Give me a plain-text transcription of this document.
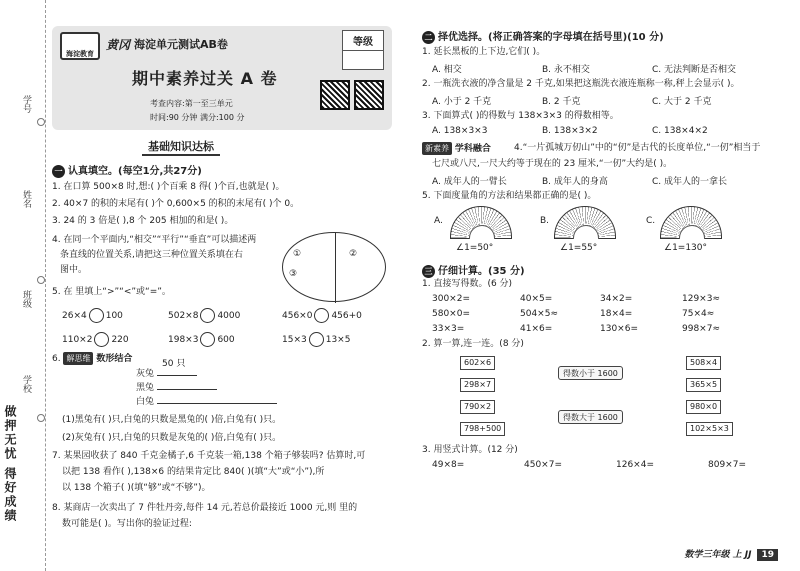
学号
姓名
班级
学校
做押无忧 得好成绩
海淀教育
黄冈 海淀单元测试AB卷	等级
期中素养过关 A 卷
考查内容:第一至三单元
时间:90 分钟 满分:100 分
基础知识达标
一 认真填空。(每空1分,共27分)
1. 在口算 500×8 时,想:( )个百乘 8 得( )个百,也就是( )。
2. 40×7 的积的末尾有( )个 0,600×5 的积的末尾有( )个 0。
3. 24 的 3 倍是( ),8 个 205 相加的和是( )。
4. 在同一个平面内,“相交”“平行”“垂直”可以描述两
条直线的位置关系,请把这三种位置关系填在右
图中。
①	②
③
5. 在 里填上“>”“<”或“=”。
26×4 100	502×8 4000	456×0 456+0
110×2 220	198×3 600	15×3 13×5
6. 解思维 数形结合	50 只
灰兔
黑兔
白兔
(1)黑兔有( )只,白兔的只数是黑兔的( )倍,白兔有( )只。
(2)灰兔有( )只,白兔的只数是灰兔的( )倍,白兔有( )只。
7. 某果园收获了 840 千克金橘子,6 千克装一箱,138 个箱子够装吗? 估算时,可
以把 138 看作( ),138×6 的结果肯定比 840( )(填“大”或“小”),所
以 138 个箱子( )(填“够”或“不够”)。
8. 某商店一次卖出了 7 件牡丹旁,每件 14 元,若总价最接近 1000 元,则 里的
数可能是( )。写出你的验证过程:
二 择优选择。(将正确答案的字母填在括号里)(10 分)
1. 延长黑板的上下边,它们( )。
A. 相交	B. 永不相交	C. 无法判断是否相交
2. 一瓶洗衣液的净含量是 2 千克,如果把这瓶洗衣液连瓶称一称,秤上会显示( )。
A. 小于 2 千克	B. 2 千克	C. 大于 2 千克
3. 下面算式( )的得数与 138×3×3 的得数相等。
A. 138×3×3	B. 138×3×2	C. 138×4×2
新素养 学科融合	4.“一片孤城万仞山”中的“仞”是古代的长度单位,“一仞”相当于
七尺或八尺,一尺大约等于现在的 23 厘米,“一仞”大约是( )。
A. 成年人的一臂长	B. 成年人的身高	C. 成年人的一拿长
5. 下面度量角的方法和结果都正确的是( )。
A.
∠1=50°
B.
∠1=55°
C.
∠1=130°
三 仔细计算。(35 分)
1. 直接写得数。(6 分)
300×2=	40×5=	34×2=	129×3≈
580×0=	504×5≈	18×4=	75×4≈
33×3=	41×6=	130×6=	998×7≈
2. 算一算,连一连。(8 分)
602×6
298×7
790×2
798+500
得数小于 1600
得数大于 1600
508×4
365×5
980×0
102×5×3
3. 用竖式计算。(12 分)
49×8=	450×7=	126×4=	809×7=
数学三年级 上 JJ 19
